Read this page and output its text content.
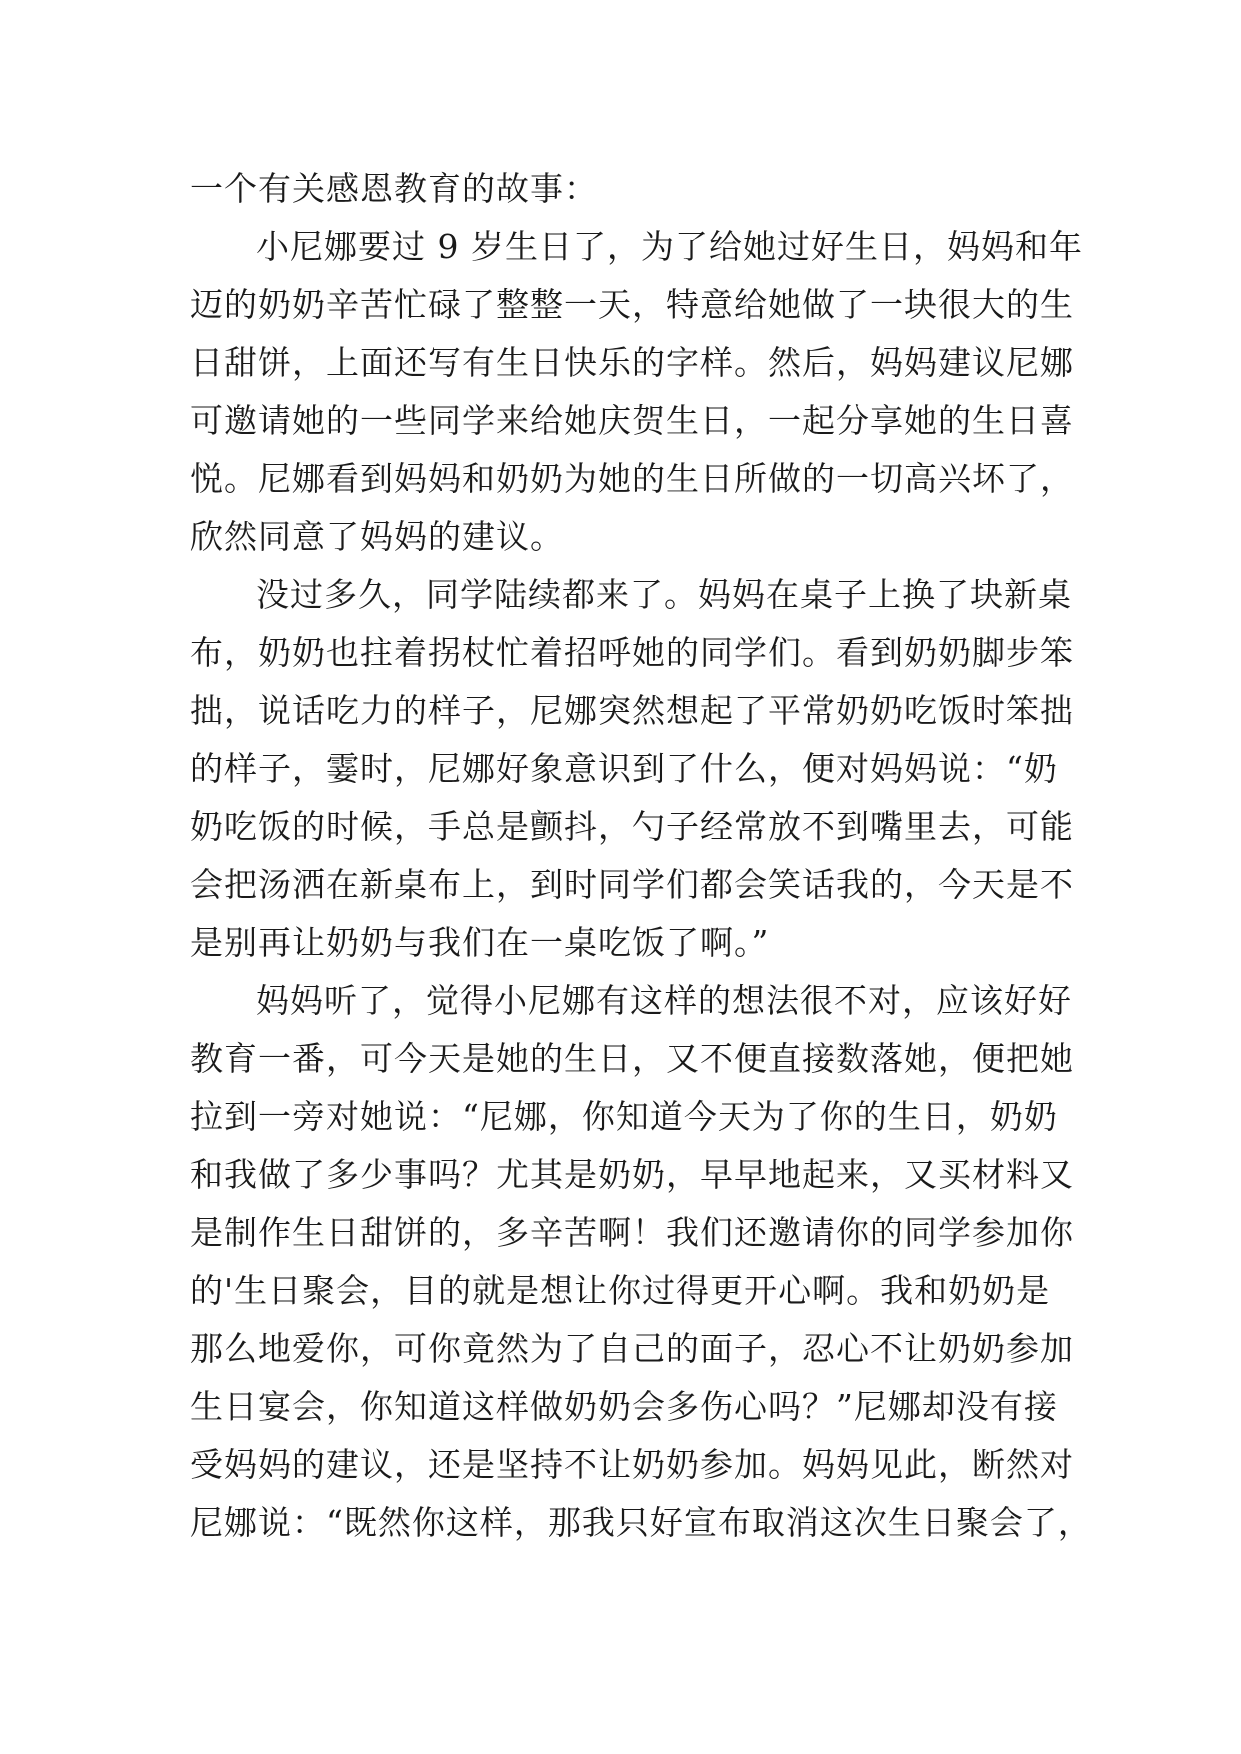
一个有关感恩教育的故事：
小尼娜要过 9 岁生日了，为了给她过好生日，妈妈和年
迈的奶奶辛苦忙碌了整整一天，特意给她做了一块很大的生
日甜饼，上面还写有生日快乐的字样。然后，妈妈建议尼娜
可邀请她的一些同学来给她庆贺生日，一起分享她的生日喜
悦。尼娜看到妈妈和奶奶为她的生日所做的一切高兴坏了，
欣然同意了妈妈的建议。
没过多久，同学陆续都来了。妈妈在桌子上换了块新桌
布，奶奶也拄着拐杖忙着招呼她的同学们。看到奶奶脚步笨
拙，说话吃力的样子，尼娜突然想起了平常奶奶吃饭时笨拙
的样子，霎时，尼娜好象意识到了什么，便对妈妈说：“奶
奶吃饭的时候，手总是颤抖，勺子经常放不到嘴里去，可能
会把汤洒在新桌布上，到时同学们都会笑话我的，今天是不
是别再让奶奶与我们在一桌吃饭了啊。”
妈妈听了，觉得小尼娜有这样的想法很不对，应该好好
教育一番，可今天是她的生日，又不便直接数落她，便把她
拉到一旁对她说：“尼娜，你知道今天为了你的生日，奶奶
和我做了多少事吗？尤其是奶奶，早早地起来，又买材料又
是制作生日甜饼的，多辛苦啊！我们还邀请你的同学参加你
的'生日聚会，目的就是想让你过得更开心啊。我和奶奶是
那么地爱你，可你竟然为了自己的面子，忍心不让奶奶参加
生日宴会，你知道这样做奶奶会多伤心吗？”尼娜却没有接
受妈妈的建议，还是坚持不让奶奶参加。妈妈见此，断然对
尼娜说：“既然你这样，那我只好宣布取消这次生日聚会了，
